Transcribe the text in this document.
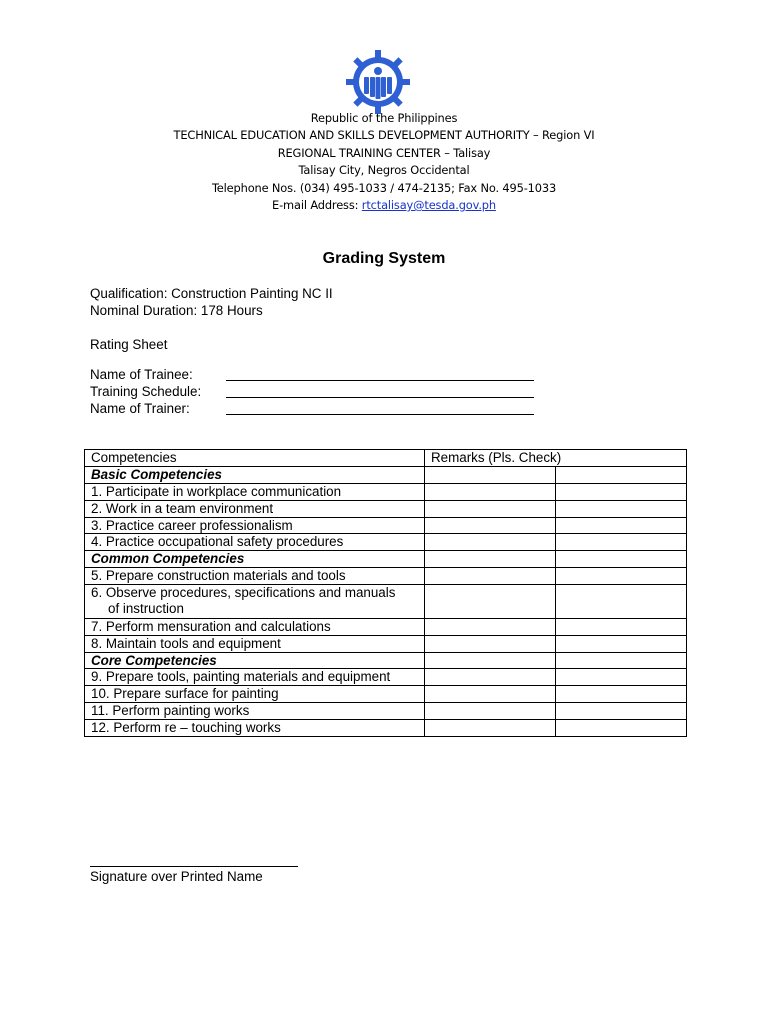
Republic of the Philippines
TECHNICAL EDUCATION AND SKILLS DEVELOPMENT AUTHORITY – Region VI
REGIONAL TRAINING CENTER – Talisay
Talisay City, Negros Occidental
Telephone Nos. (034) 495-1033 / 474-2135; Fax No. 495-1033
E-mail Address: rtctalisay@tesda.gov.ph
Grading System
Qualification: Construction Painting NC II
Nominal Duration: 178 Hours
Rating Sheet
Name of Trainee:
Training Schedule:
Name of Trainer:
Competencies	Remarks (Pls. Check)	
Basic Competencies		
1. Participate in workplace communication		
2. Work in a team environment		
3. Practice career professionalism		
4. Practice occupational safety procedures		
Common Competencies		
5. Prepare construction materials and tools		
6. Observe procedures, specifications and manuals
of instruction		
7. Perform mensuration and calculations		
8. Maintain tools and equipment		
Core Competencies		
9. Prepare tools, painting materials and equipment		
10. Prepare surface for painting		
11. Perform painting works		
12. Perform re – touching works		
Signature over Printed Name
